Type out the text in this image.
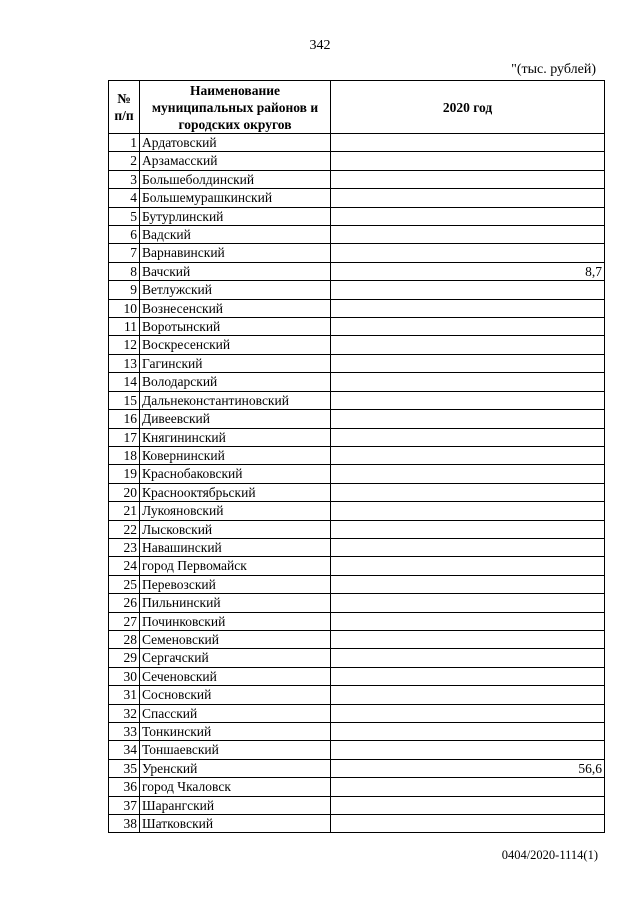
342
"(тыс. рублей)
№ п/п	Наименование муниципальных районов и городских округов	2020 год
1	Ардатовский	
2	Арзамасский	
3	Большеболдинский	
4	Большемурашкинский	
5	Бутурлинский	
6	Вадский	
7	Варнавинский	
8	Вачский	8,7
9	Ветлужский	
10	Вознесенский	
11	Воротынский	
12	Воскресенский	
13	Гагинский	
14	Володарский	
15	Дальнеконстантиновский	
16	Дивеевский	
17	Княгининский	
18	Ковернинский	
19	Краснобаковский	
20	Краснооктябрьский	
21	Лукояновский	
22	Лысковский	
23	Навашинский	
24	город Первомайск	
25	Перевозский	
26	Пильнинский	
27	Починковский	
28	Семеновский	
29	Сергачский	
30	Сеченовский	
31	Сосновский	
32	Спасский	
33	Тонкинский	
34	Тоншаевский	
35	Уренский	56,6
36	город Чкаловск	
37	Шарангский	
38	Шатковский	
0404/2020-1114(1)
